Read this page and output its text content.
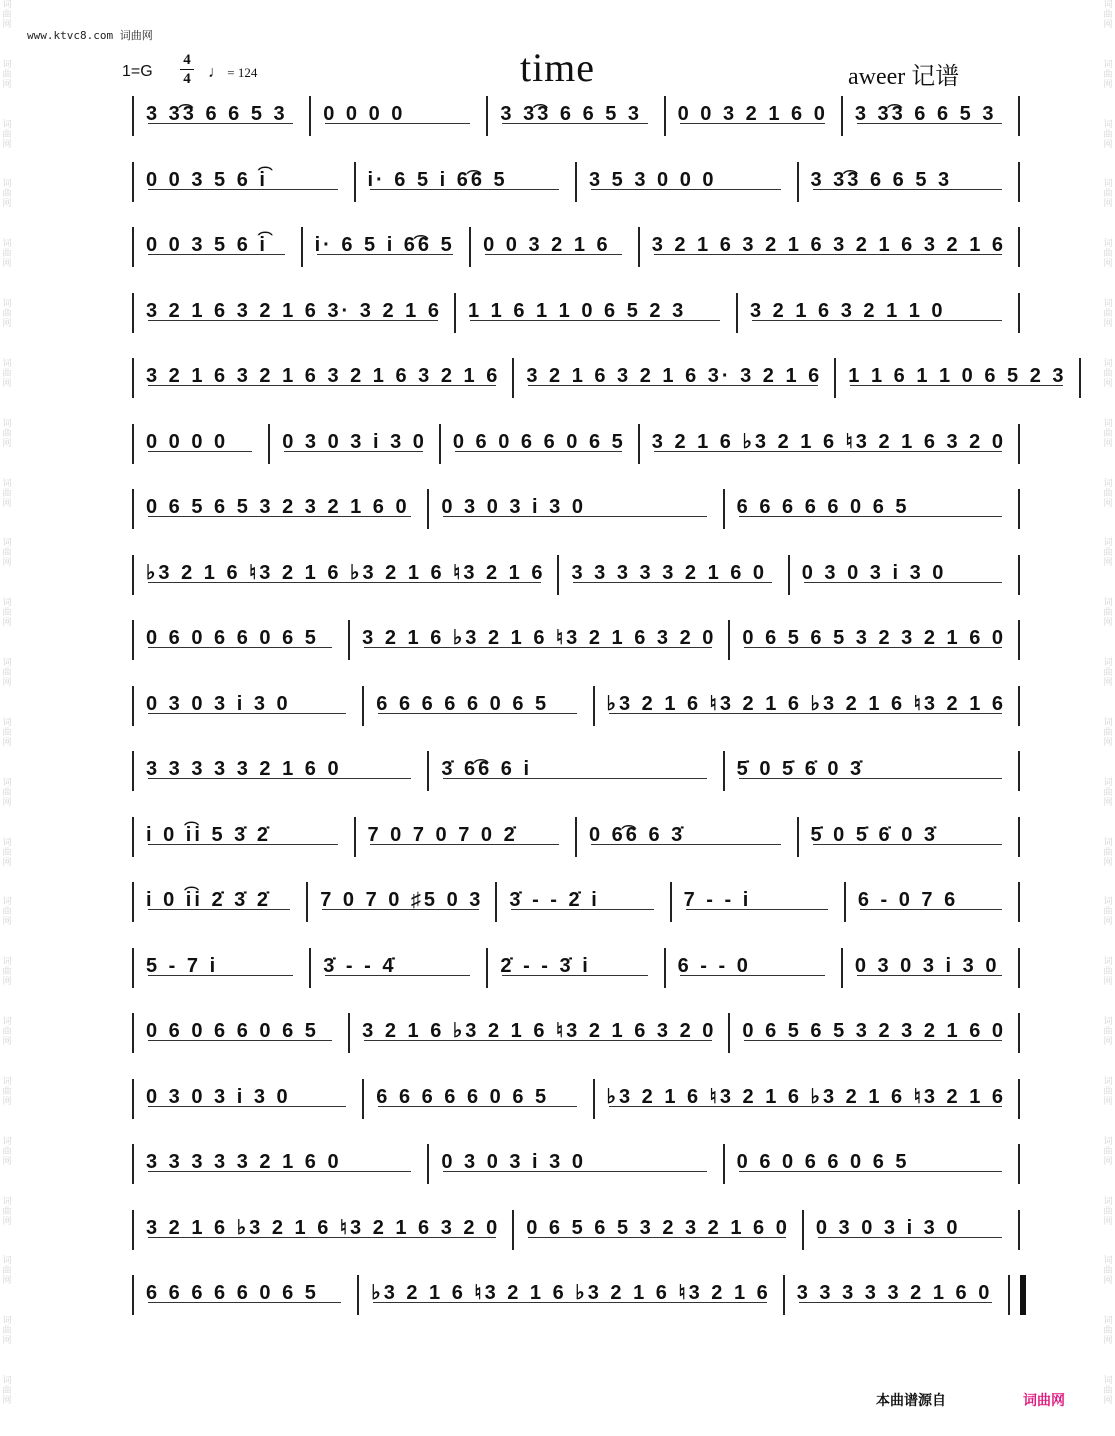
词
曲
网
词
曲
网
词
曲
网
词
曲
网
词
曲
网
词
曲
网
词
曲
网
词
曲
网
词
曲
网
词
曲
网
词
曲
网
词
曲
网
词
曲
网
词
曲
网
词
曲
网
词
曲
网
词
曲
网
词
曲
网
词
曲
网
词
曲
网
词
曲
网
词
曲
网
词
曲
网
词
曲
网
词
曲
网
词
曲
网
词
曲
网
词
曲
网
词
曲
网
词
曲
网
词
曲
网
词
曲
网
词
曲
网
词
曲
网
词
曲
网
词
曲
网
词
曲
网
词
曲
网
词
曲
网
词
曲
网
词
曲
网
词
曲
网
词
曲
网
词
曲
网
词
曲
网
词
曲
网
词
曲
网
词
曲
网
www.ktvc8.com 词曲网
1=G
4
4 ♩ = 124	time	aweer 记谱
3 3͡3 6 6 5 3	0 0 0 0	3 3͡3 6 6 5 3	0 0 3 2 1 6 0	3 3͡3 6 6 5 3
0 0 3 5 6 i͡	i· 6 5 i 6͡6 5	3 5 3 0 0 0	3 3͡3 6 6 5 3
0 0 3 5 6 i͡	i· 6 5 i 6͡6 5	0 0 3 2 1 6	3 2 1 6 3 2 1 6 3 2 1 6 3 2 1 6
3 2 1 6 3 2 1 6 3· 3 2 1 6	1 1 6 1 1 0 6 5 2 3	3 2 1 6 3 2 1 1 0
3 2 1 6 3 2 1 6 3 2 1 6 3 2 1 6	3 2 1 6 3 2 1 6 3· 3 2 1 6	1 1 6 1 1 0 6 5 2 3
0 0 0 0	0 3 0 3 i 3 0	0 6 0 6 6 0 6 5	3 2 1 6 ♭3 2 1 6 ♮3 2 1 6 3 2 0
0 6 5 6 5 3 2 3 2 1 6 0	0 3 0 3 i 3 0	6 6 6 6 6 0 6 5
♭3 2 1 6 ♮3 2 1 6 ♭3 2 1 6 ♮3 2 1 6	3 3 3 3 3 2 1 6 0	0 3 0 3 i 3 0
0 6 0 6 6 0 6 5	3 2 1 6 ♭3 2 1 6 ♮3 2 1 6 3 2 0	0 6 5 6 5 3 2 3 2 1 6 0
0 3 0 3 i 3 0	6 6 6 6 6 0 6 5	♭3 2 1 6 ♮3 2 1 6 ♭3 2 1 6 ♮3 2 1 6
3 3 3 3 3 2 1 6 0	3̇ 6͡6 6 i	5̇ 0 5̇ 6̇ 0 3̇
i 0 i͡i 5 3̇ 2̇	7 0 7 0 7 0 2̇	0 6͡6 6 3̇	5̇ 0 5̇ 6̇ 0 3̇
i 0 i͡i 2̇ 3̇ 2̇	7 0 7 0 ♯5 0 3	3̇ - - 2̇ i	7 - - i	6 - 0 7 6
5 - 7 i	3̇ - - 4̇	2̇ - - 3̇ i	6 - - 0	0 3 0 3 i 3 0
0 6 0 6 6 0 6 5	3 2 1 6 ♭3 2 1 6 ♮3 2 1 6 3 2 0	0 6 5 6 5 3 2 3 2 1 6 0
0 3 0 3 i 3 0	6 6 6 6 6 0 6 5	♭3 2 1 6 ♮3 2 1 6 ♭3 2 1 6 ♮3 2 1 6
3 3 3 3 3 2 1 6 0	0 3 0 3 i 3 0	0 6 0 6 6 0 6 5
3 2 1 6 ♭3 2 1 6 ♮3 2 1 6 3 2 0	0 6 5 6 5 3 2 3 2 1 6 0	0 3 0 3 i 3 0
6 6 6 6 6 0 6 5	♭3 2 1 6 ♮3 2 1 6 ♭3 2 1 6 ♮3 2 1 6	3 3 3 3 3 2 1 6 0
本曲谱源自	词曲网
